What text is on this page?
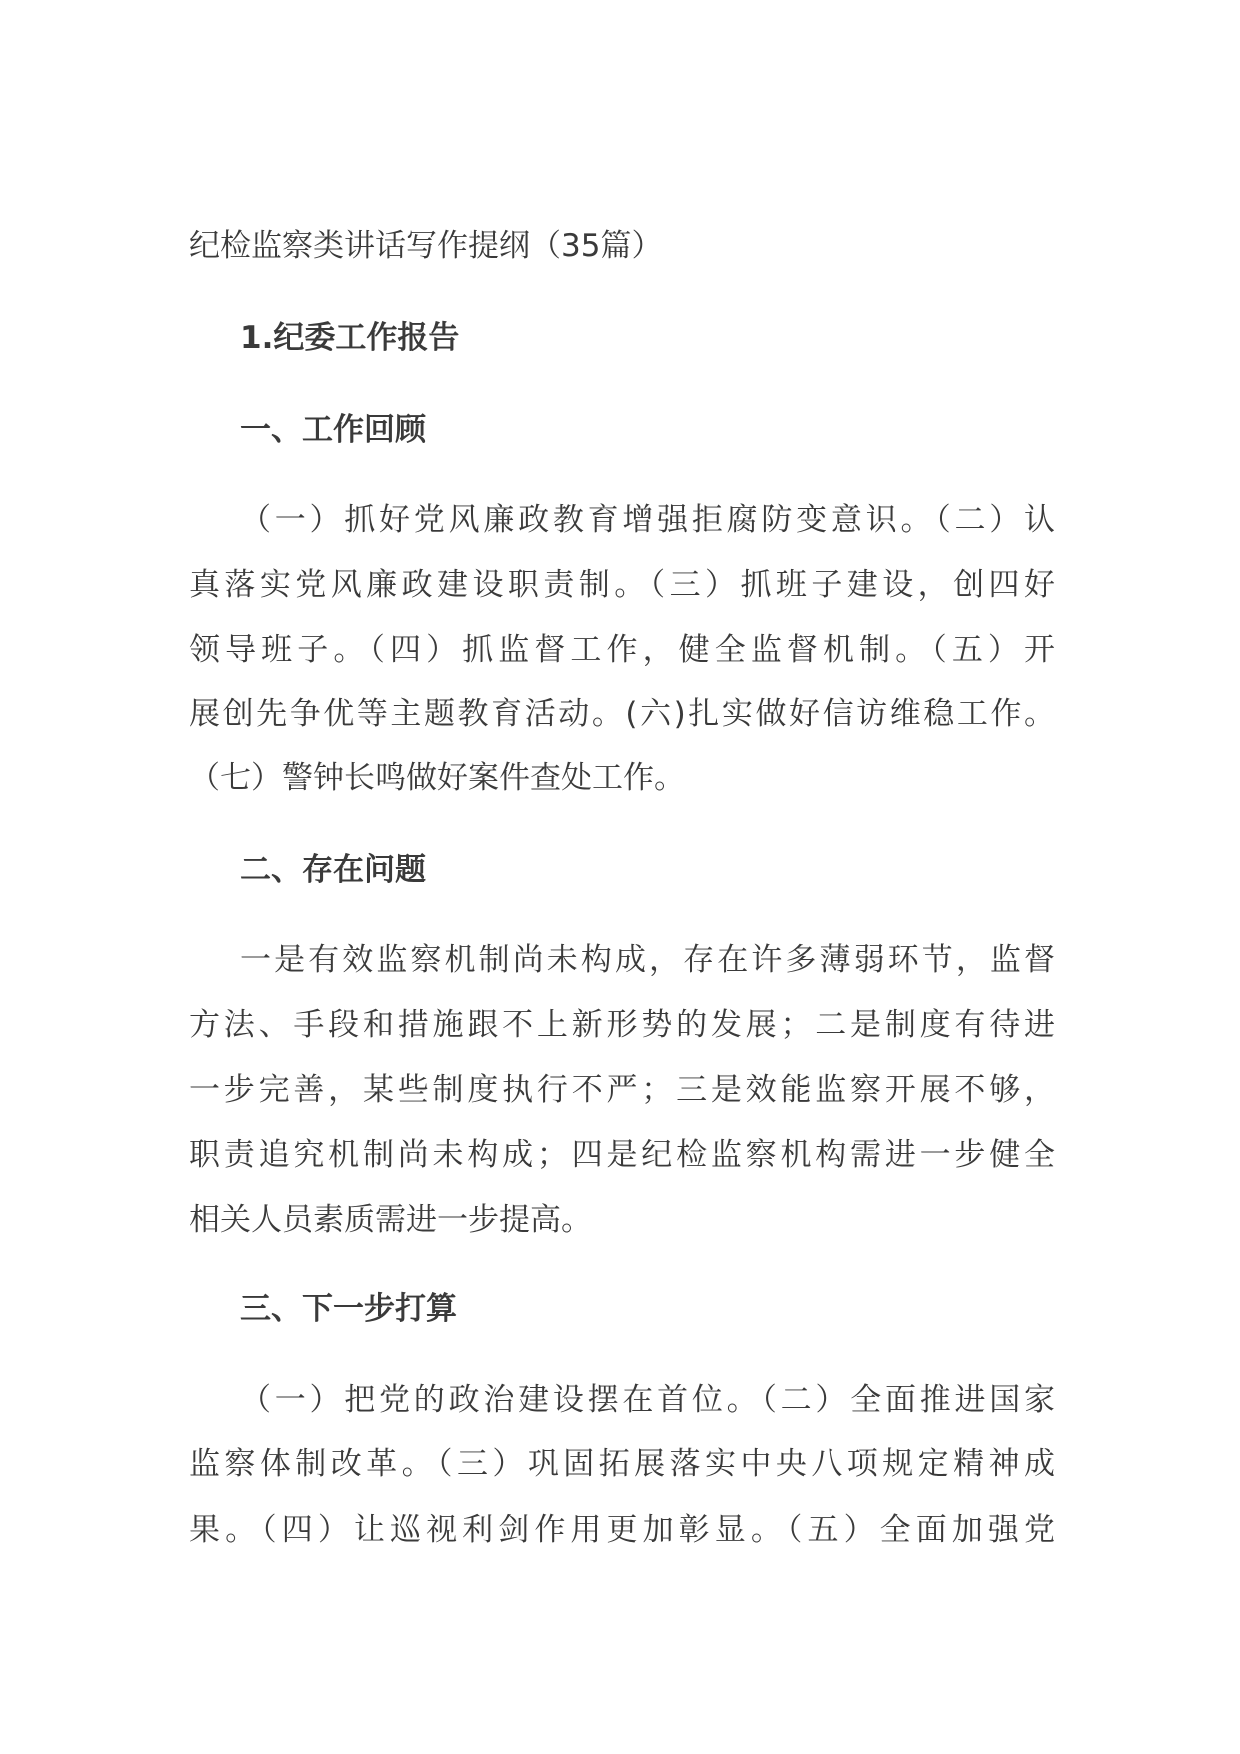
纪检监察类讲话写作提纲（35篇）
1.纪委工作报告
一、工作回顾
（一）抓好党风廉政教育增强拒腐防变意识。（二）认
真落实党风廉政建设职责制。（三）抓班子建设，创四好
领导班子。（四）抓监督工作，健全监督机制。（五）开
展创先争优等主题教育活动。(六)扎实做好信访维稳工作。
（七）警钟长鸣做好案件查处工作。
二、存在问题
一是有效监察机制尚未构成，存在许多薄弱环节，监督
方法、手段和措施跟不上新形势的发展；二是制度有待进
一步完善，某些制度执行不严；三是效能监察开展不够，
职责追究机制尚未构成；四是纪检监察机构需进一步健全
相关人员素质需进一步提高。
三、下一步打算
（一）把党的政治建设摆在首位。（二）全面推进国家
监察体制改革。（三）巩固拓展落实中央八项规定精神成
果。（四）让巡视利剑作用更加彰显。（五）全面加强党
